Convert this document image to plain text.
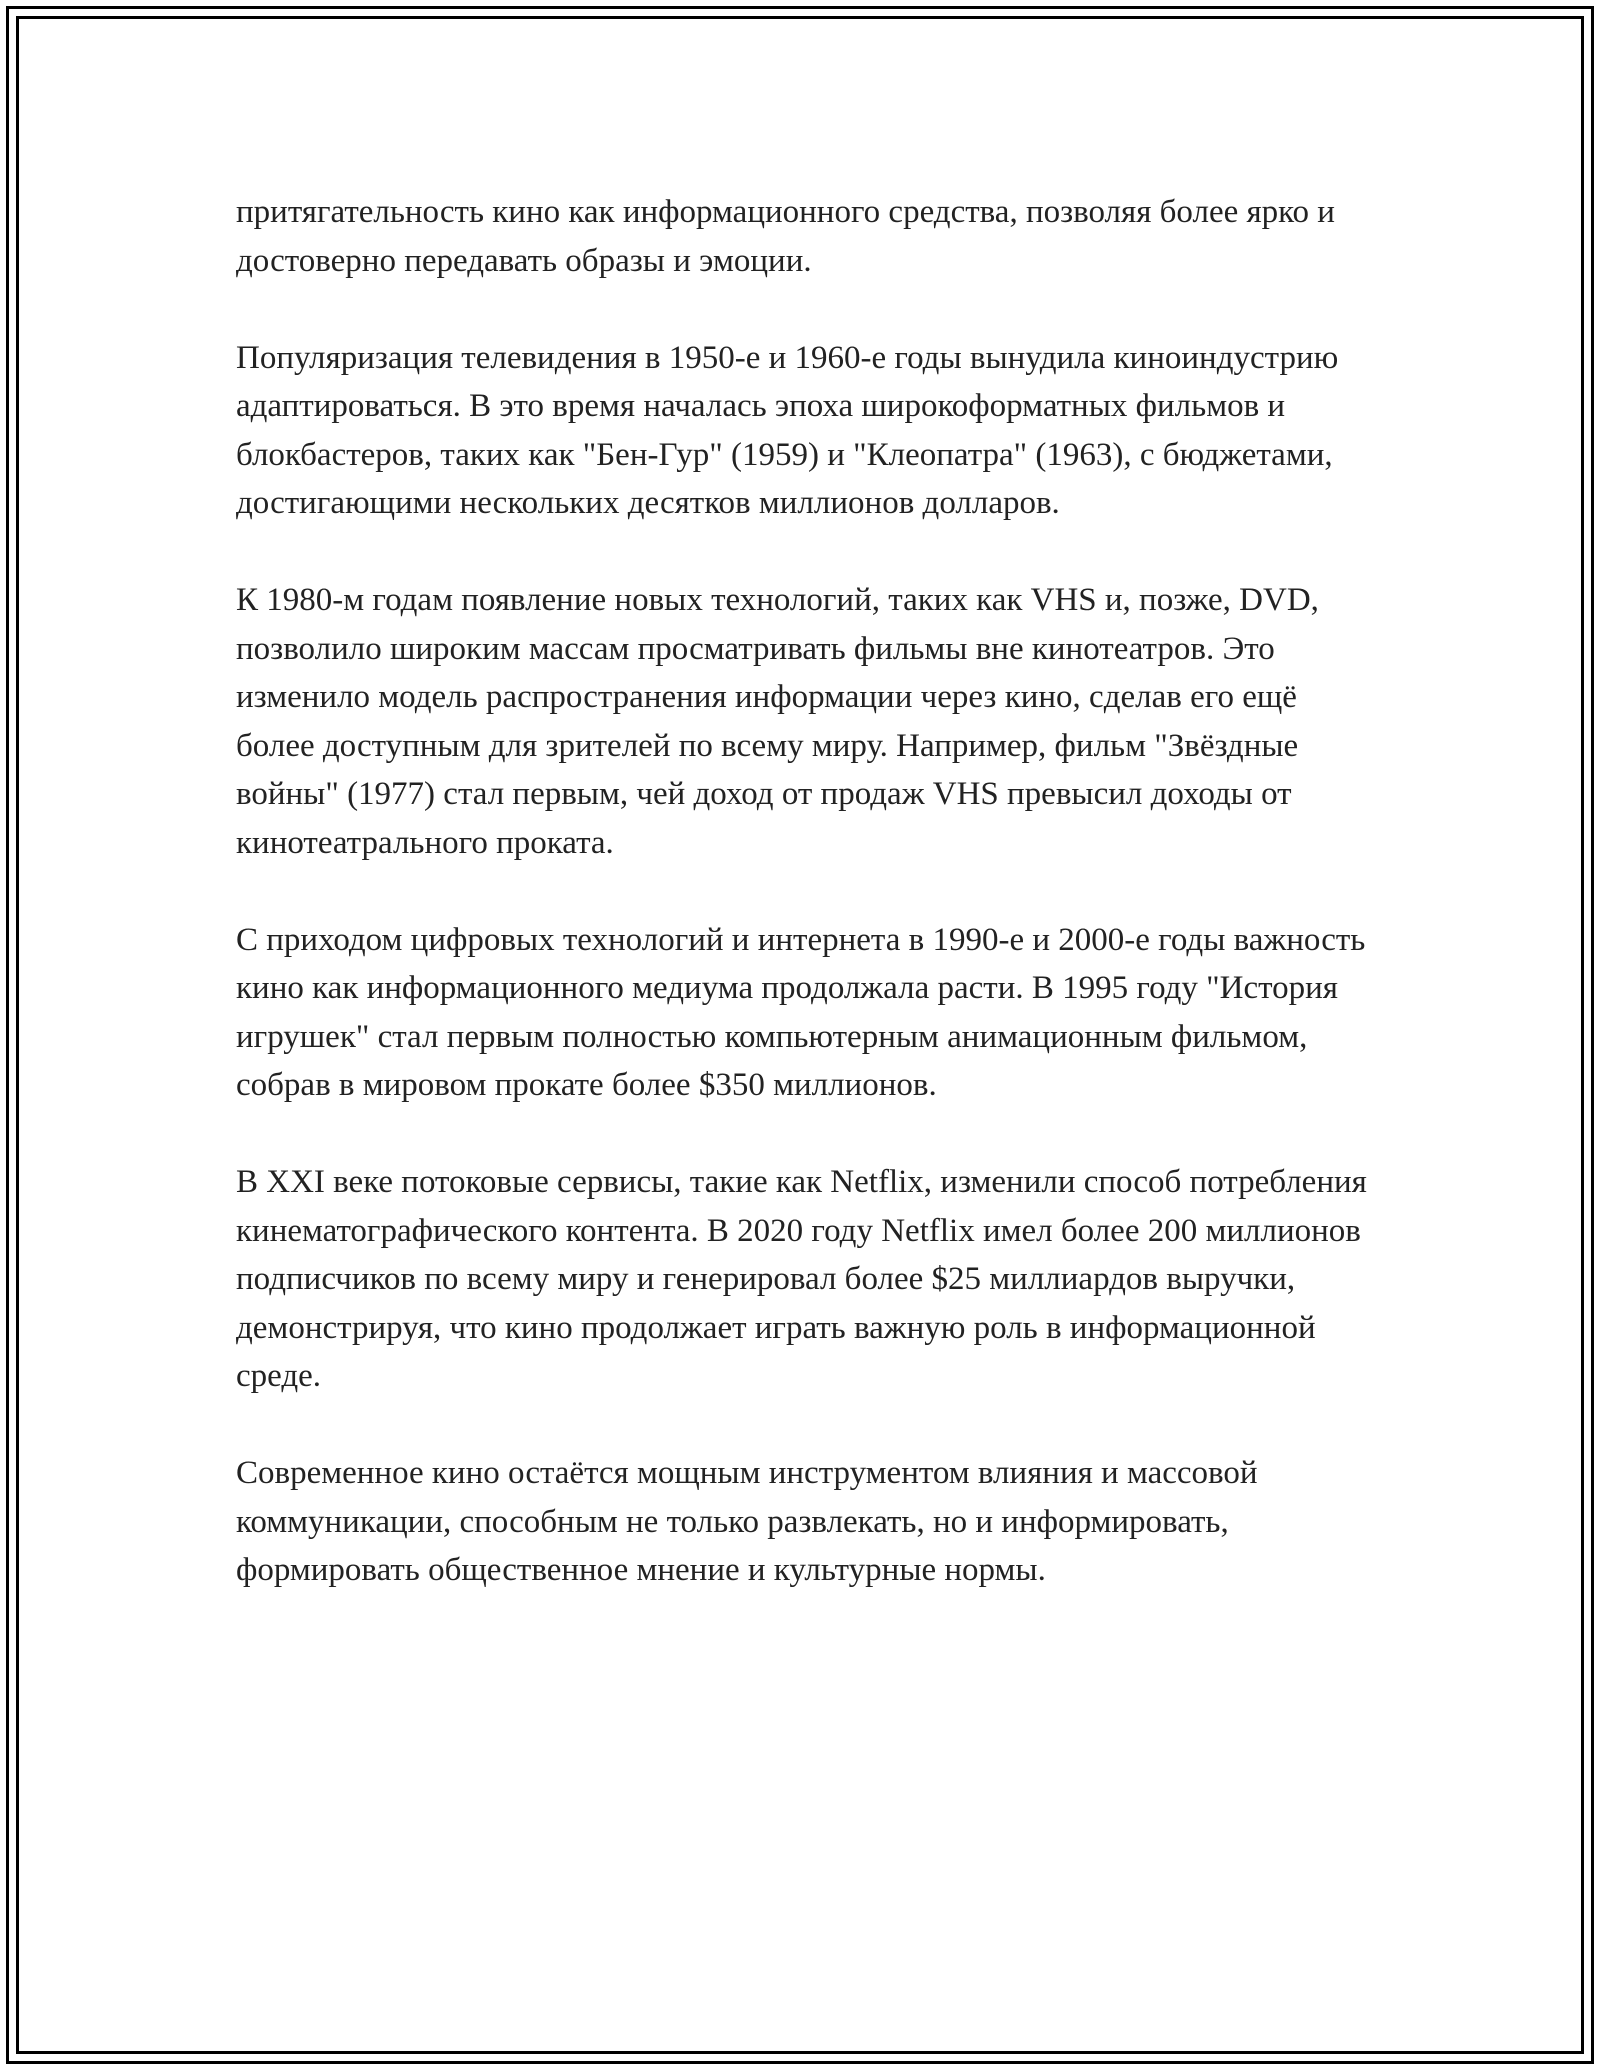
притягательность кино как информационного средства, позволяя более ярко и достоверно передавать образы и эмоции.

Популяризация телевидения в 1950-е и 1960-е годы вынудила киноиндустрию адаптироваться. В это время началась эпоха широкоформатных фильмов и блокбастеров, таких как "Бен-Гур" (1959) и "Клеопатра" (1963), с бюджетами, достигающими нескольких десятков миллионов долларов.

К 1980-м годам появление новых технологий, таких как VHS и, позже, DVD, позволило широким массам просматривать фильмы вне кинотеатров. Это изменило модель распространения информации через кино, сделав его ещё более доступным для зрителей по всему миру. Например, фильм "Звёздные войны" (1977) стал первым, чей доход от продаж VHS превысил доходы от кинотеатрального проката.

С приходом цифровых технологий и интернета в 1990-е и 2000-е годы важность кино как информационного медиума продолжала расти. В 1995 году "История игрушек" стал первым полностью компьютерным анимационным фильмом, собрав в мировом прокате более $350 миллионов.

В XXI веке потоковые сервисы, такие как Netflix, изменили способ потребления кинематографического контента. В 2020 году Netflix имел более 200 миллионов подписчиков по всему миру и генерировал более $25 миллиардов выручки, демонстрируя, что кино продолжает играть важную роль в информационной среде.

Современное кино остаётся мощным инструментом влияния и массовой коммуникации, способным не только развлекать, но и информировать, формировать общественное мнение и культурные нормы.
